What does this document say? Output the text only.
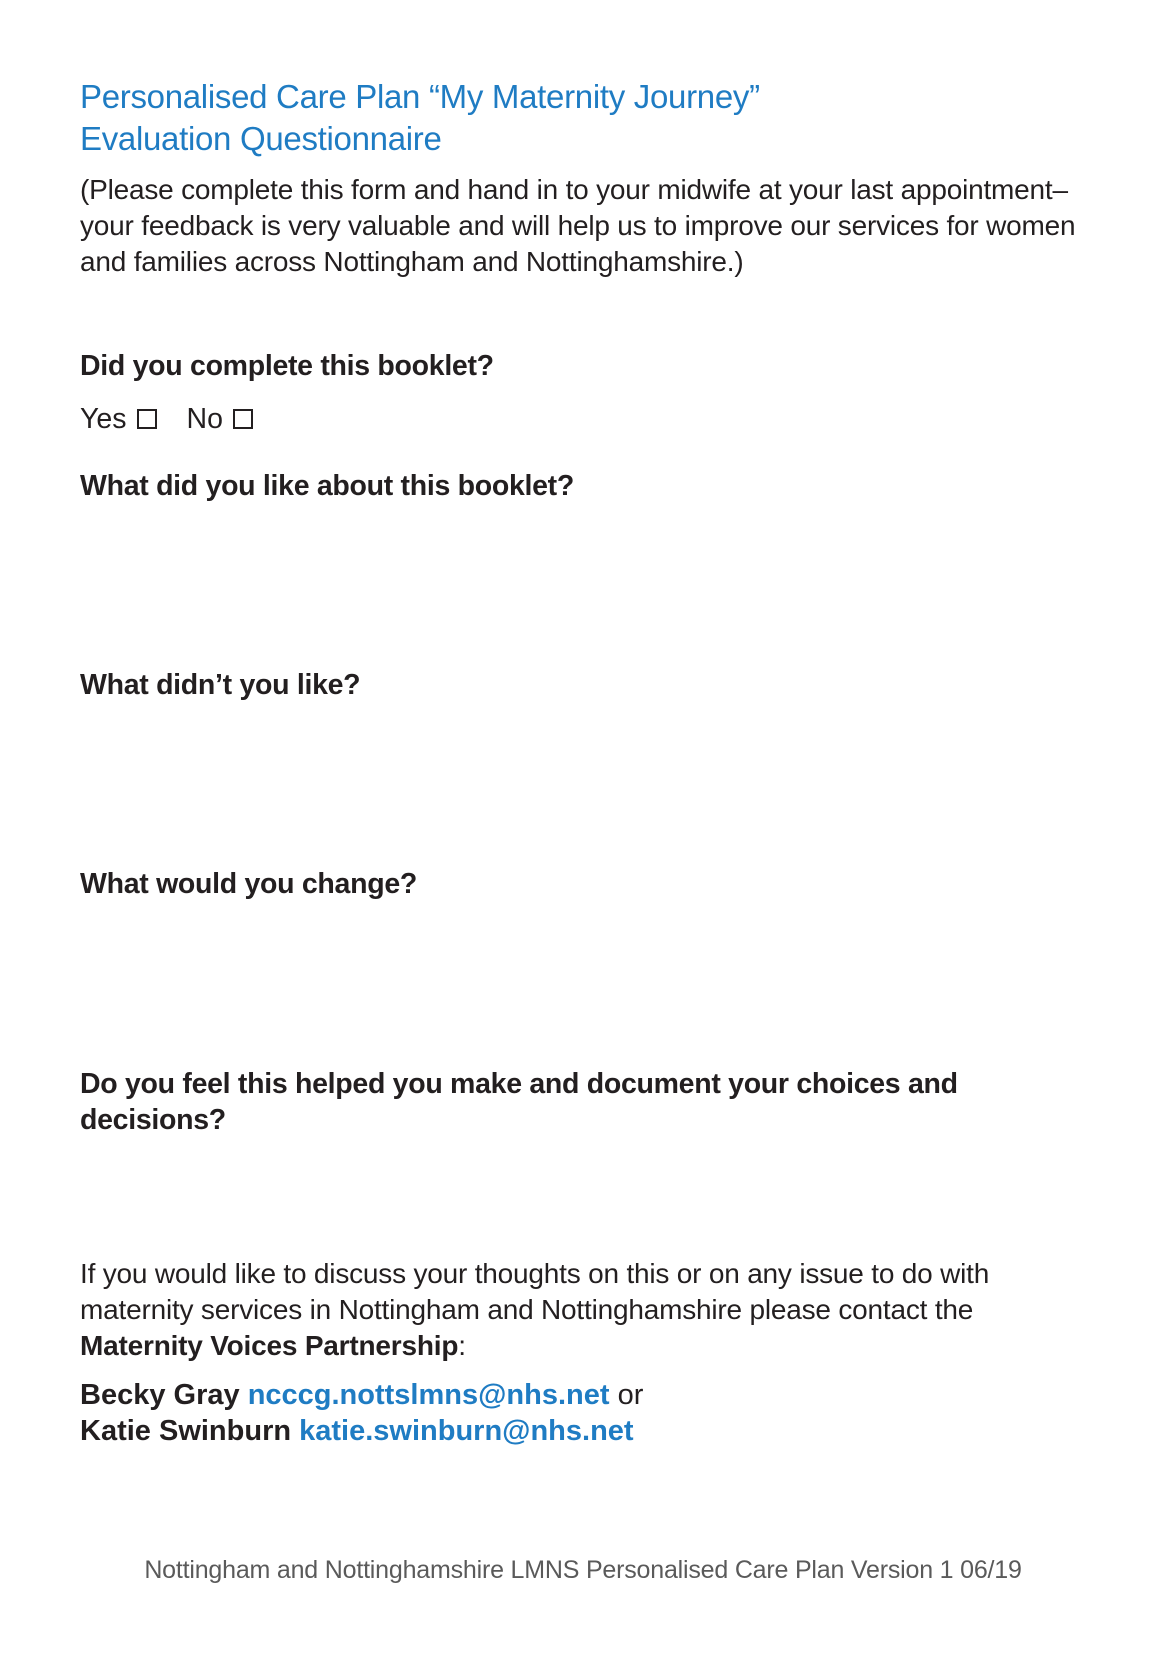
Personalised Care Plan “My Maternity Journey”
Evaluation Questionnaire

(Please complete this form and hand in to your midwife at your last appointment– your feedback is very valuable and will help us to improve our services for women and families across Nottingham and Nottinghamshire.)

Did you complete this booklet?

Yes No

What did you like about this booklet?

What didn’t you like?

What would you change?

Do you feel this helped you make and document your choices and decisions?

If you would like to discuss your thoughts on this or on any issue to do with maternity services in Nottingham and Nottinghamshire please contact the Maternity Voices Partnership:

Becky Gray ncccg.nottslmns@nhs.net or
Katie Swinburn katie.swinburn@nhs.net
Nottingham and Nottinghamshire LMNS Personalised Care Plan Version 1 06/19
